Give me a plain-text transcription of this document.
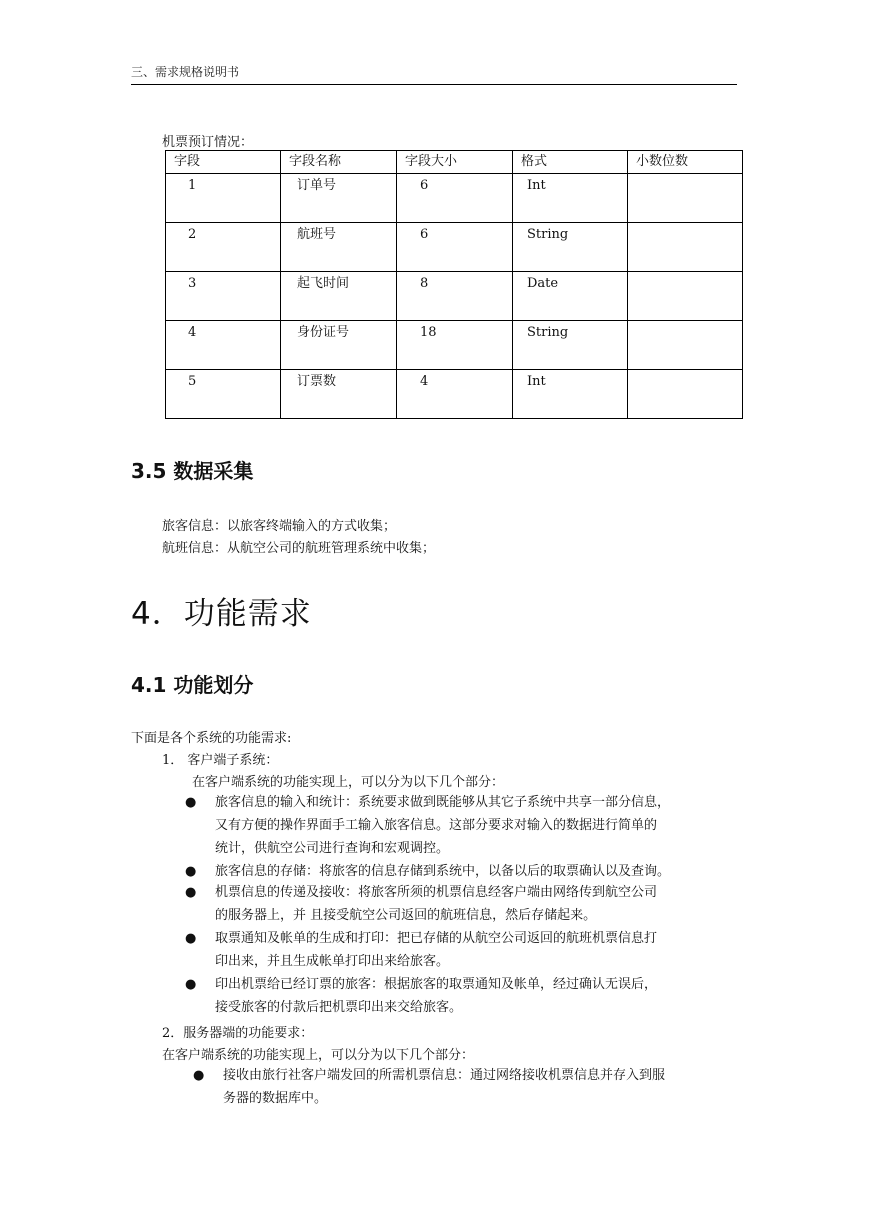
三、需求规格说明书
机票预订情况：
字段	字段名称	字段大小	格式	小数位数
1	订单号	6	Int	
2	航班号	6	String	
3	起飞时间	8	Date	
4	身份证号	18	String	
5	订票数	4	Int	
3.5 数据采集
旅客信息：以旅客终端输入的方式收集；
航班信息：从航空公司的航班管理系统中收集；
4．功能需求
4.1 功能划分
下面是各个系统的功能需求:
1． 客户端子系统：
在客户端系统的功能实现上，可以分为以下几个部分：
● 旅客信息的输入和统计：系统要求做到既能够从其它子系统中共享一部分信息，
又有方便的操作界面手工输入旅客信息。这部分要求对输入的数据进行简单的
统计，供航空公司进行查询和宏观调控。
● 旅客信息的存储：将旅客的信息存储到系统中，以备以后的取票确认以及查询。
● 机票信息的传递及接收：将旅客所须的机票信息经客户端由网络传到航空公司
的服务器上，并 且接受航空公司返回的航班信息，然后存储起来。
● 取票通知及帐单的生成和打印：把已存储的从航空公司返回的航班机票信息打
印出来，并且生成帐单打印出来给旅客。
● 印出机票给已经订票的旅客：根据旅客的取票通知及帐单，经过确认无误后，
接受旅客的付款后把机票印出来交给旅客。
2．服务器端的功能要求：
在客户端系统的功能实现上，可以分为以下几个部分：
● 接收由旅行社客户端发回的所需机票信息：通过网络接收机票信息并存入到服
务器的数据库中。
